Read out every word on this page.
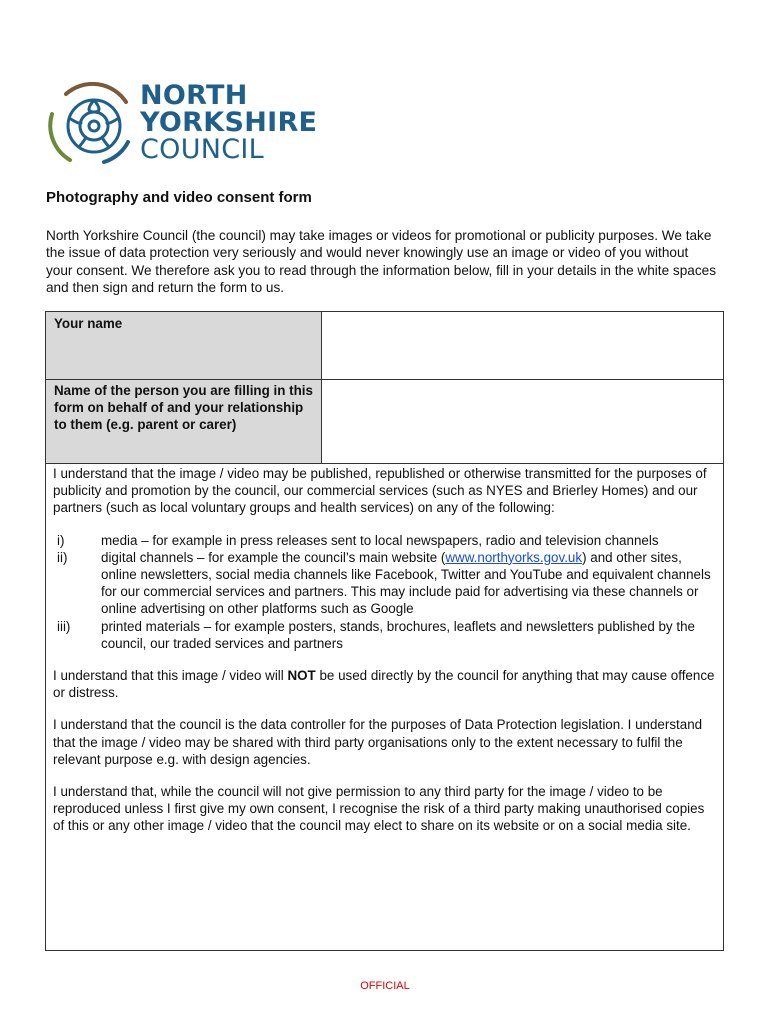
NORTH
YORKSHIRE
COUNCIL
Photography and video consent form
North Yorkshire Council (the council) may take images or videos for promotional or publicity purposes. We take the issue of data protection very seriously and would never knowingly use an image or video of you without your consent. We therefore ask you to read through the information below, fill in your details in the white spaces and then sign and return the form to us.
Your name
Name of the person you are filling in this form on behalf of and your relationship to them (e.g. parent or carer)

I understand that the image / video may be published, republished or otherwise transmitted for the purposes of publicity and promotion by the council, our commercial services (such as NYES and Brierley Homes) and our partners (such as local voluntary groups and health services) on any of the following:

i)	media – for example in press releases sent to local newspapers, radio and television channels
ii)	digital channels – for example the council’s main website (www.northyorks.gov.uk) and other sites, online newsletters, social media channels like Facebook, Twitter and YouTube and equivalent channels for our commercial services and partners. This may include paid for advertising via these channels or online advertising on other platforms such as Google
iii) printed materials – for example posters, stands, brochures, leaflets and newsletters published by the council, our traded services and partners

I understand that this image / video will NOT be used directly by the council for anything that may cause offence or distress.

I understand that the council is the data controller for the purposes of Data Protection legislation. I understand that the image / video may be shared with third party organisations only to the extent necessary to fulfil the relevant purpose e.g. with design agencies.

I understand that, while the council will not give permission to any third party for the image / video to be reproduced unless I first give my own consent, I recognise the risk of a third party making unauthorised copies of this or any other image / video that the council may elect to share on its website or on a social media site.

OFFICIAL
